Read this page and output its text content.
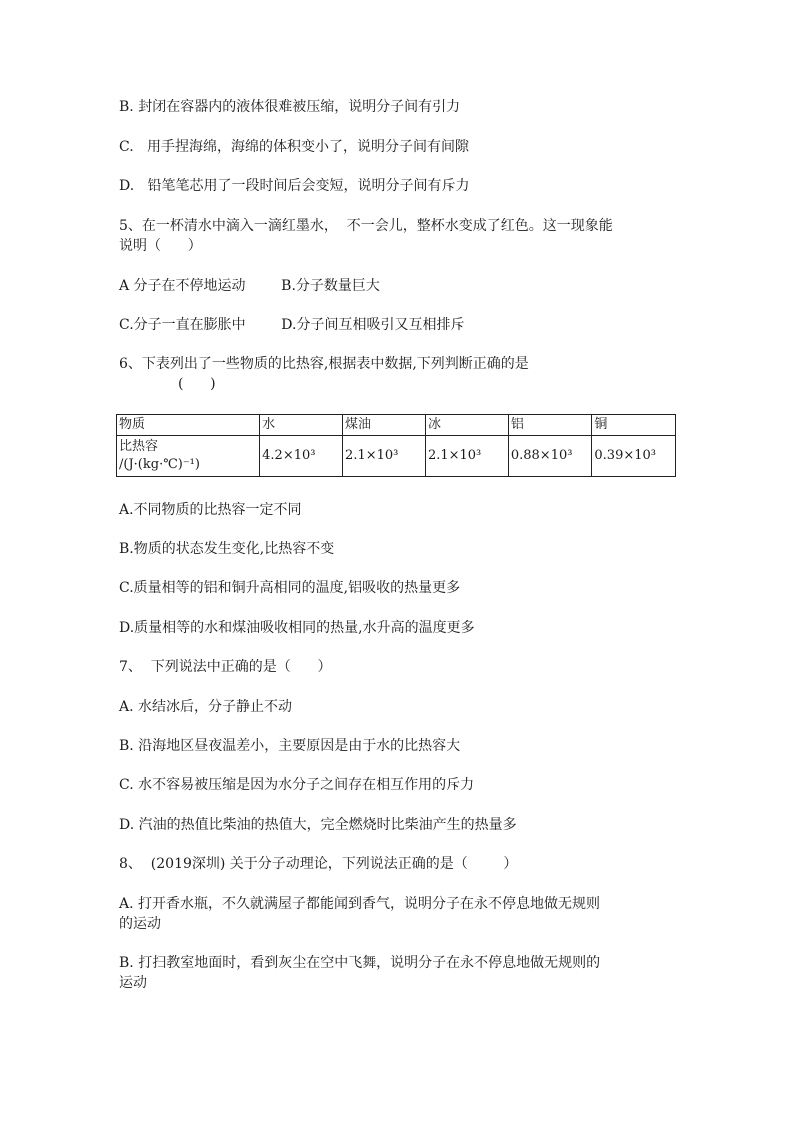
B. 封闭在容器内的液体很难被压缩，说明分子间有引力
C.   用手捏海绵，海绵的体积变小了，说明分子间有间隙
D.   铅笔笔芯用了一段时间后会变短，说明分子间有斥力
5、在一杯清水中滴入一滴红墨水，  不一会儿，整杯水变成了红色。这一现象能
说明（      ）
A 分子在不停地运动        B.分子数量巨大
C.分子一直在膨胀中        D.分子间互相吸引又互相排斥
6、下表列出了一些物质的比热容,根据表中数据,下列判断正确的是
(      )
物质	水	煤油	冰	铝	铜

比热容
/(J·(kg·℃)⁻¹)	4.2×10³	2.1×10³	2.1×10³	0.88×10³	0.39×10³
A.不同物质的比热容一定不同
B.物质的状态发生变化,比热容不变
C.质量相等的铝和铜升高相同的温度,铝吸收的热量更多
D.质量相等的水和煤油吸收相同的热量,水升高的温度更多
7、  下列说法中正确的是（      ）
A. 水结冰后，分子静止不动
B. 沿海地区昼夜温差小，主要原因是由于水的比热容大
C. 水不容易被压缩是因为水分子之间存在相互作用的斥力
D. 汽油的热值比柴油的热值大，完全燃烧时比柴油产生的热量多
8、  (2019深圳) 关于分子动理论，下列说法正确的是（        ）
A. 打开香水瓶，不久就满屋子都能闻到香气，说明分子在永不停息地做无规则
的运动
B. 打扫教室地面时，看到灰尘在空中飞舞，说明分子在永不停息地做无规则的
运动
